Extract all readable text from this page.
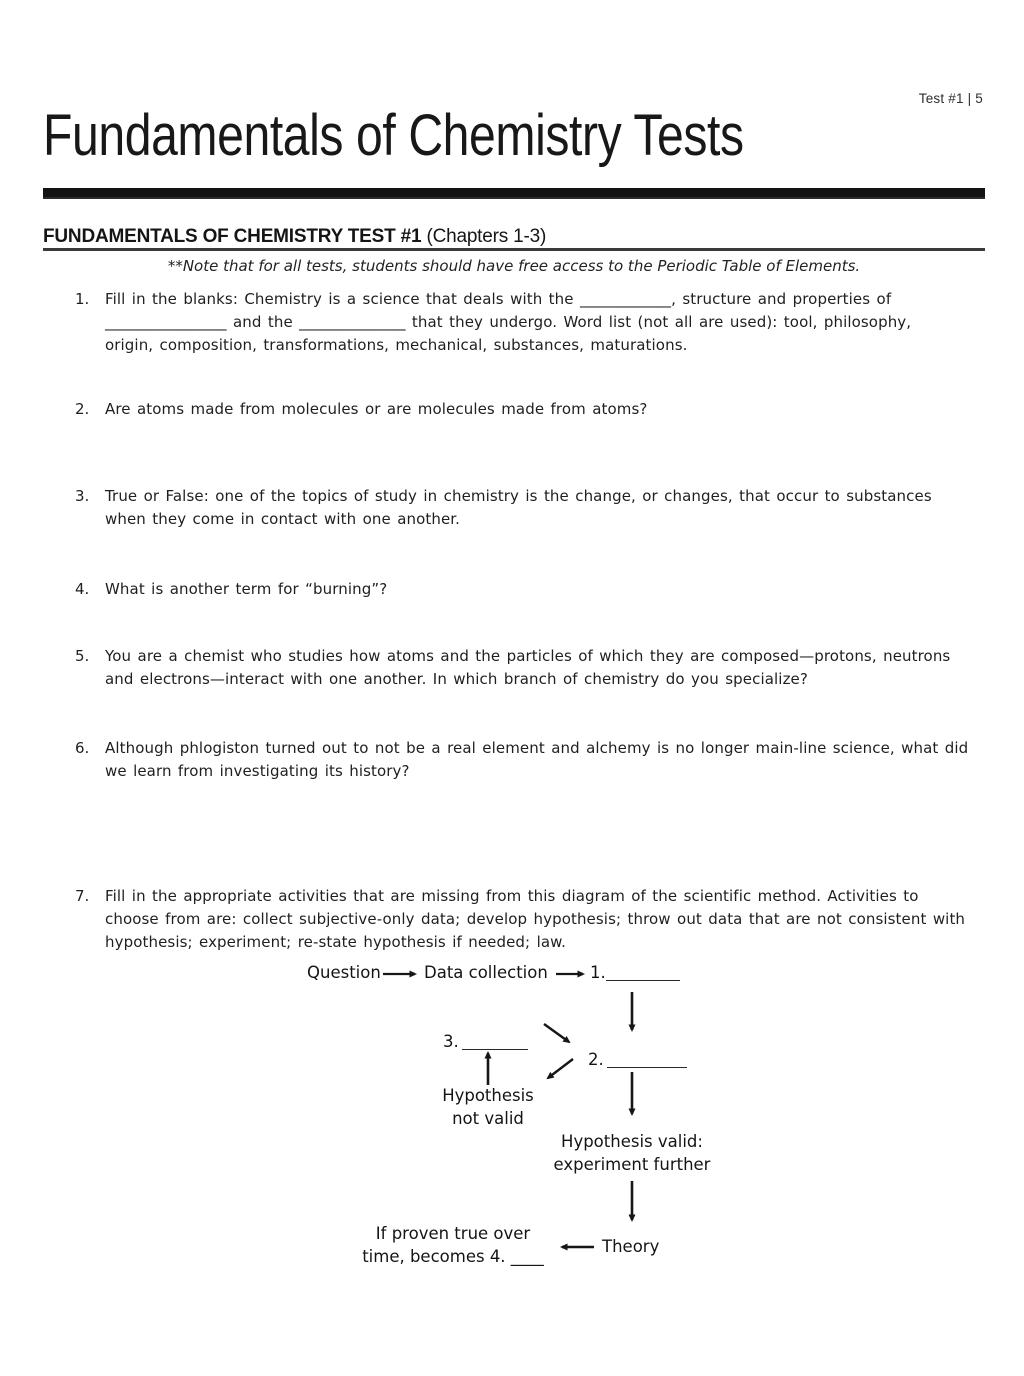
Test #1 | 5
Fundamentals of Chemistry Tests
FUNDAMENTALS OF CHEMISTRY TEST #1 (Chapters 1-3)
**Note that for all tests, students should have free access to the Periodic Table of Elements.
1.	Fill in the blanks: Chemistry is a science that deals with the ____________, structure and properties of
________________ and the ______________ that they undergo. Word list (not all are used): tool, philosophy,
origin, composition, transformations, mechanical, substances, maturations.
2.	Are atoms made from molecules or are molecules made from atoms?
3.	True or False: one of the topics of study in chemistry is the change, or changes, that occur to substances
when they come in contact with one another.
4.	What is another term for “burning”?
5.	You are a chemist who studies how atoms and the particles of which they are composed—protons, neutrons
and electrons—interact with one another. In which branch of chemistry do you specialize?
6.	Although phlogiston turned out to not be a real element and alchemy is no longer main-line science, what did
we learn from investigating its history?
7.	Fill in the appropriate activities that are missing from this diagram of the scientific method. Activities to
choose from are: collect subjective-only data; develop hypothesis; throw out data that are not consistent with
hypothesis; experiment; re-state hypothesis if needed; law.
Question	Data collection	1.
3.
2.
Hypothesis
not valid
Hypothesis valid:
experiment further
If proven true over
time, becomes 4. ____
Theory
